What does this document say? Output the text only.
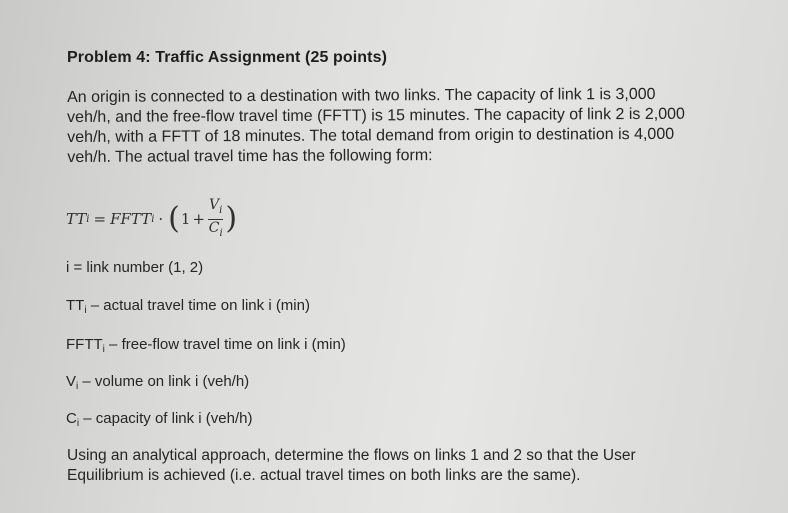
Problem 4: Traffic Assignment (25 points)
An origin is connected to a destination with two links. The capacity of link 1 is 3,000
veh/h, and the free-flow travel time (FFTT) is 15 minutes. The capacity of link 2 is 2,000
veh/h, with a FFTT of 18 minutes. The total demand from origin to destination is 4,000
veh/h. The actual travel time has the following form:
TT i = FFTT i · ( $1 + \frac{V_i}{C_i}$ )
i = link number (1, 2)
$TT_i$ – actual travel time on link i (min)
$FFTT_i$ – free-flow travel time on link i (min)
$V_i$ – volume on link i (veh/h)
$C_i$ – capacity of link i (veh/h)
Using an analytical approach, determine the flows on links 1 and 2 so that the User
Equilibrium is achieved (i.e. actual travel times on both links are the same).
